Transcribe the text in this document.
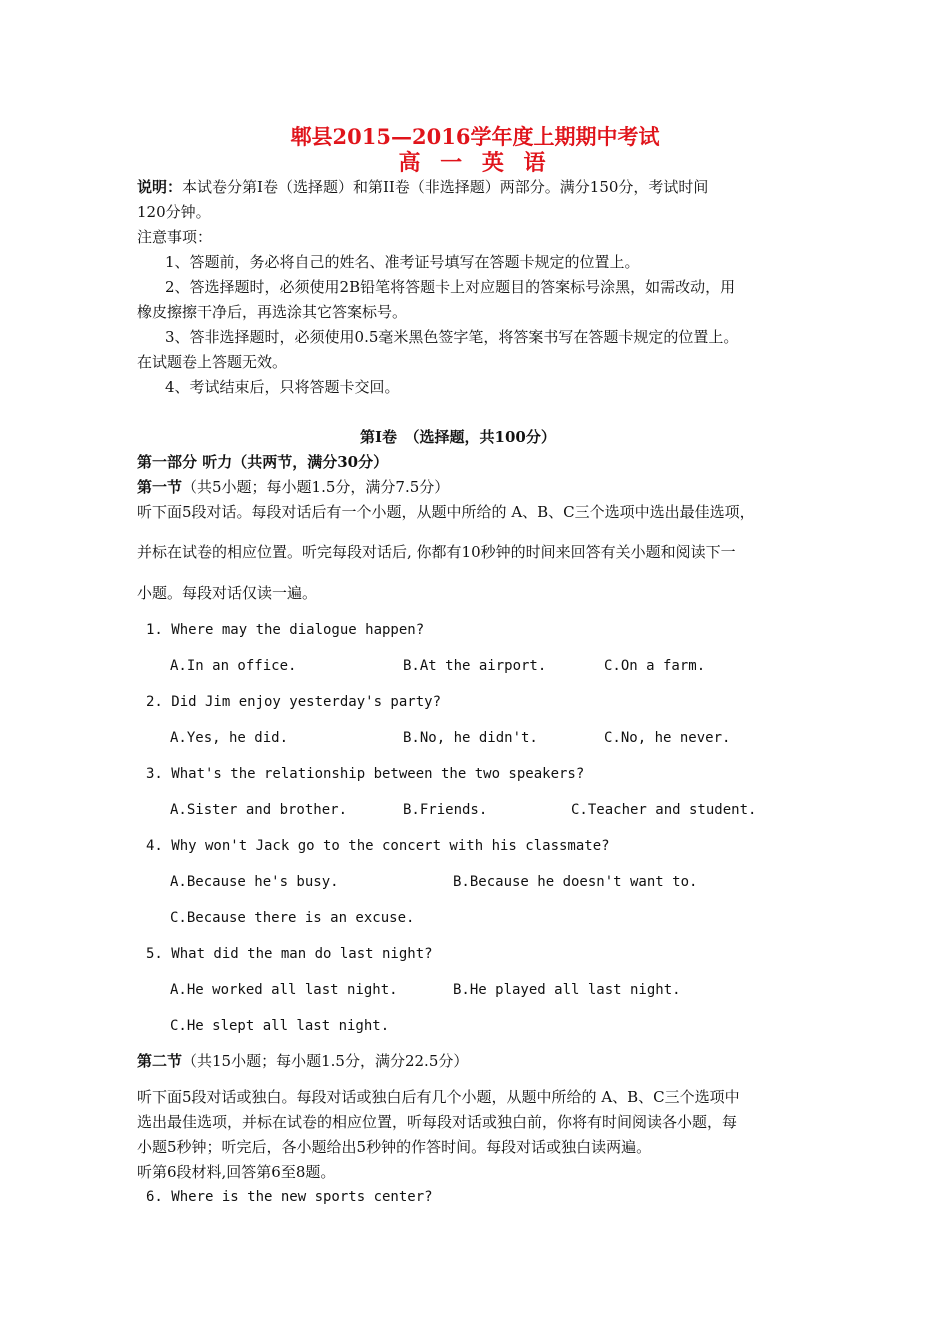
郫县2015—2016学年度上期期中考试
高 一 英 语
说明：本试卷分第I卷（选择题）和第II卷（非选择题）两部分。满分150分，考试时间
120分钟。
注意事项：
1、答题前，务必将自己的姓名、准考证号填写在答题卡规定的位置上。
2、答选择题时，必须使用2B铅笔将答题卡上对应题目的答案标号涂黑，如需改动，用
橡皮擦擦干净后，再选涂其它答案标号。
3、答非选择题时，必须使用0.5毫米黑色签字笔，将答案书写在答题卡规定的位置上。
在试题卷上答题无效。
4、考试结束后，只将答题卡交回。
第I卷　（选择题，共100分）
第一部分 听力（共两节，满分30分）
第一节（共5小题；每小题1.5分，满分7.5分）
听下面5段对话。每段对话后有一个小题，从题中所给的 A、B、C三个选项中选出最佳选项，
并标在试卷的相应位置。听完每段对话后, 你都有10秒钟的时间来回答有关小题和阅读下一
小题。每段对话仅读一遍。
1. Where may the dialogue happen?
A.In an office.	B.At the airport.	C.On a farm.
2. Did Jim enjoy yesterday's party?
A.Yes, he did.	B.No, he didn't.	C.No, he never.
3. What's the relationship between the two speakers?
A.Sister and brother.	B.Friends.	C.Teacher and student.
4. Why won't Jack go to the concert with his classmate?
A.Because he's busy.	B.Because he doesn't want to.
C.Because there is an excuse.
5. What did the man do last night?
A.He worked all last night.	B.He played all last night.
C.He slept all last night.
第二节（共15小题；每小题1.5分，满分22.5分）
听下面5段对话或独白。每段对话或独白后有几个小题，从题中所给的 A、B、C三个选项中
选出最佳选项，并标在试卷的相应位置，听每段对话或独白前，你将有时间阅读各小题，每
小题5秒钟；听完后，各小题给出5秒钟的作答时间。每段对话或独白读两遍。
听第6段材料,回答第6至8题。
6. Where is the new sports center?
